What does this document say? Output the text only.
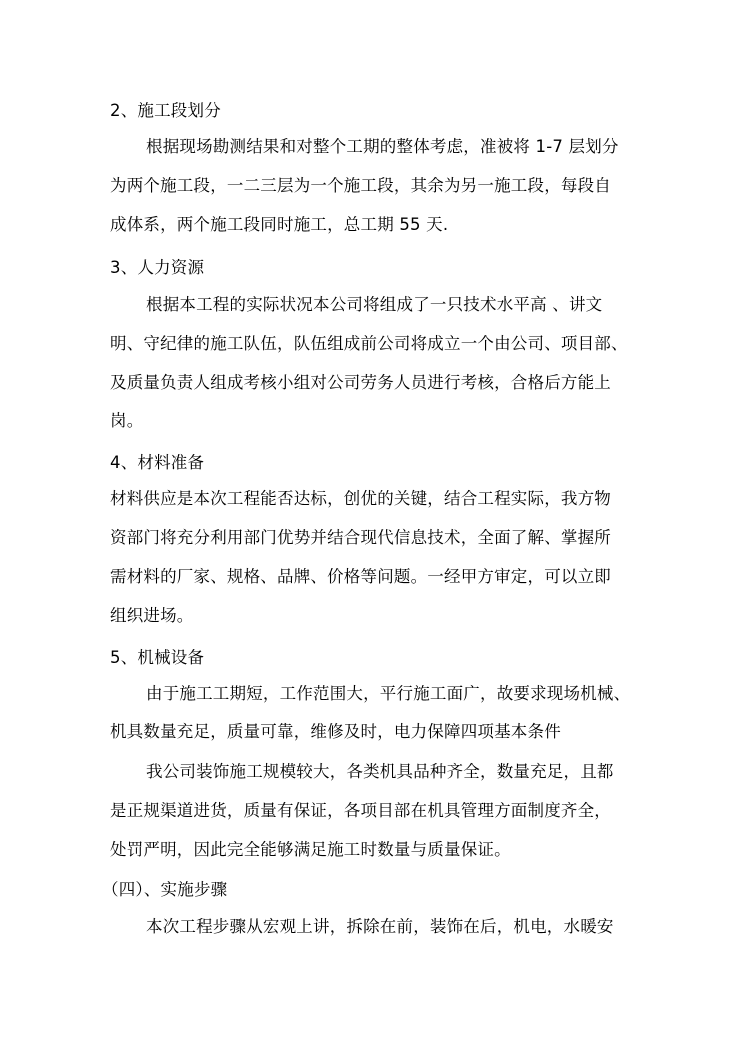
2、施工段划分
根据现场勘测结果和对整个工期的整体考虑，准被将 1-7 层划分
为两个施工段，一二三层为一个施工段，其余为另一施工段，每段自
成体系，两个施工段同时施工，总工期 55 天.
3、人力资源
根据本工程的实际状况本公司将组成了一只技术水平高 、讲文
明、守纪律的施工队伍，队伍组成前公司将成立一个由公司、项目部、
及质量负责人组成考核小组对公司劳务人员进行考核，合格后方能上
岗。
4、材料准备
材料供应是本次工程能否达标，创优的关键，结合工程实际，我方物
资部门将充分利用部门优势并结合现代信息技术，全面了解、掌握所
需材料的厂家、规格、品牌、价格等问题。一经甲方审定，可以立即
组织进场。
5、机械设备
由于施工工期短，工作范围大，平行施工面广，故要求现场机械、
机具数量充足，质量可靠，维修及时，电力保障四项基本条件
我公司装饰施工规模较大，各类机具品种齐全，数量充足，且都
是正规渠道进货，质量有保证，各项目部在机具管理方面制度齐全，
处罚严明，因此完全能够满足施工时数量与质量保证。
（四）、实施步骤
本次工程步骤从宏观上讲，拆除在前，装饰在后，机电，水暖安
